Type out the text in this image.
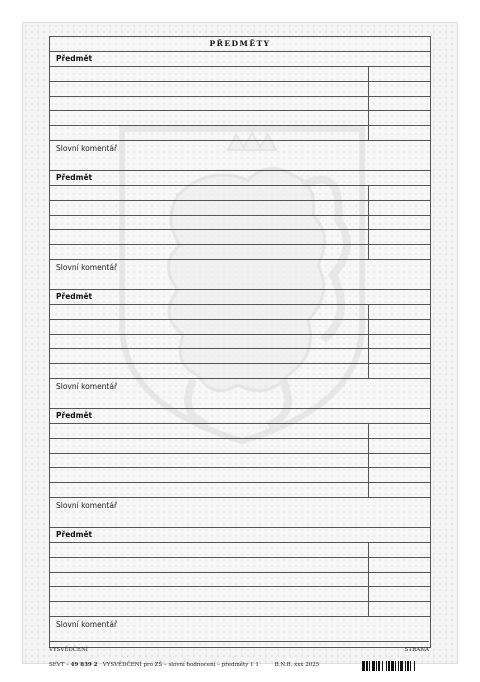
PŘEDMĚTY
Předmět
Slovní komentář
Předmět
Slovní komentář
Předmět
Slovní komentář
Předmět
Slovní komentář
Předmět
Slovní komentář
VYSVĚDČENÍ	STRANA
SEVT – 49 839 2 VYSVĚDČENÍ pro ZŠ – slovní hodnocení – předměty 1 1	B.N.B. xxx 2025
